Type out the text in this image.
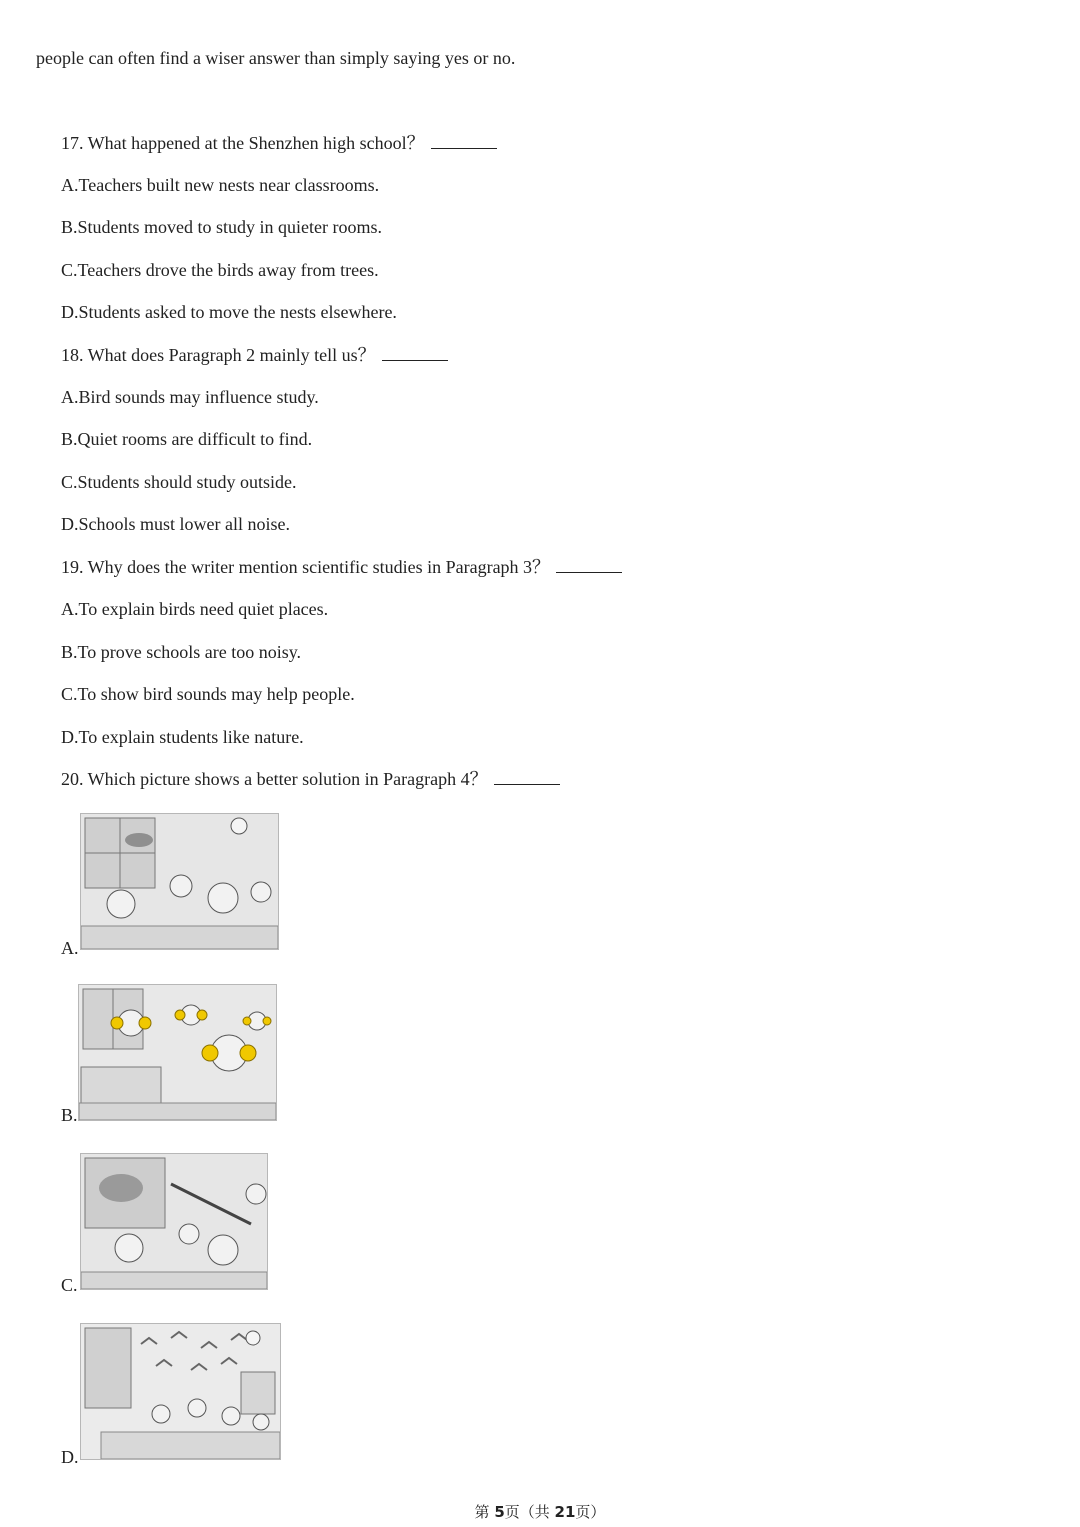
people can often find a wiser answer than simply saying yes or no.
17. What happened at the Shenzhen high school？
A.Teachers built new nests near classrooms.
B.Students moved to study in quieter rooms.
C.Teachers drove the birds away from trees.
D.Students asked to move the nests elsewhere.
18. What does Paragraph 2 mainly tell us？
A.Bird sounds may influence study.
B.Quiet rooms are difficult to find.
C.Students should study outside.
D.Schools must lower all noise.
19. Why does the writer mention scientific studies in Paragraph 3？
A.To explain birds need quiet places.
B.To prove schools are too noisy.
C.To show bird sounds may help people.
D.To explain students like nature.
20. Which picture shows a better solution in Paragraph 4？
A.
B.
C.
D.
第 5页（共 21页）
